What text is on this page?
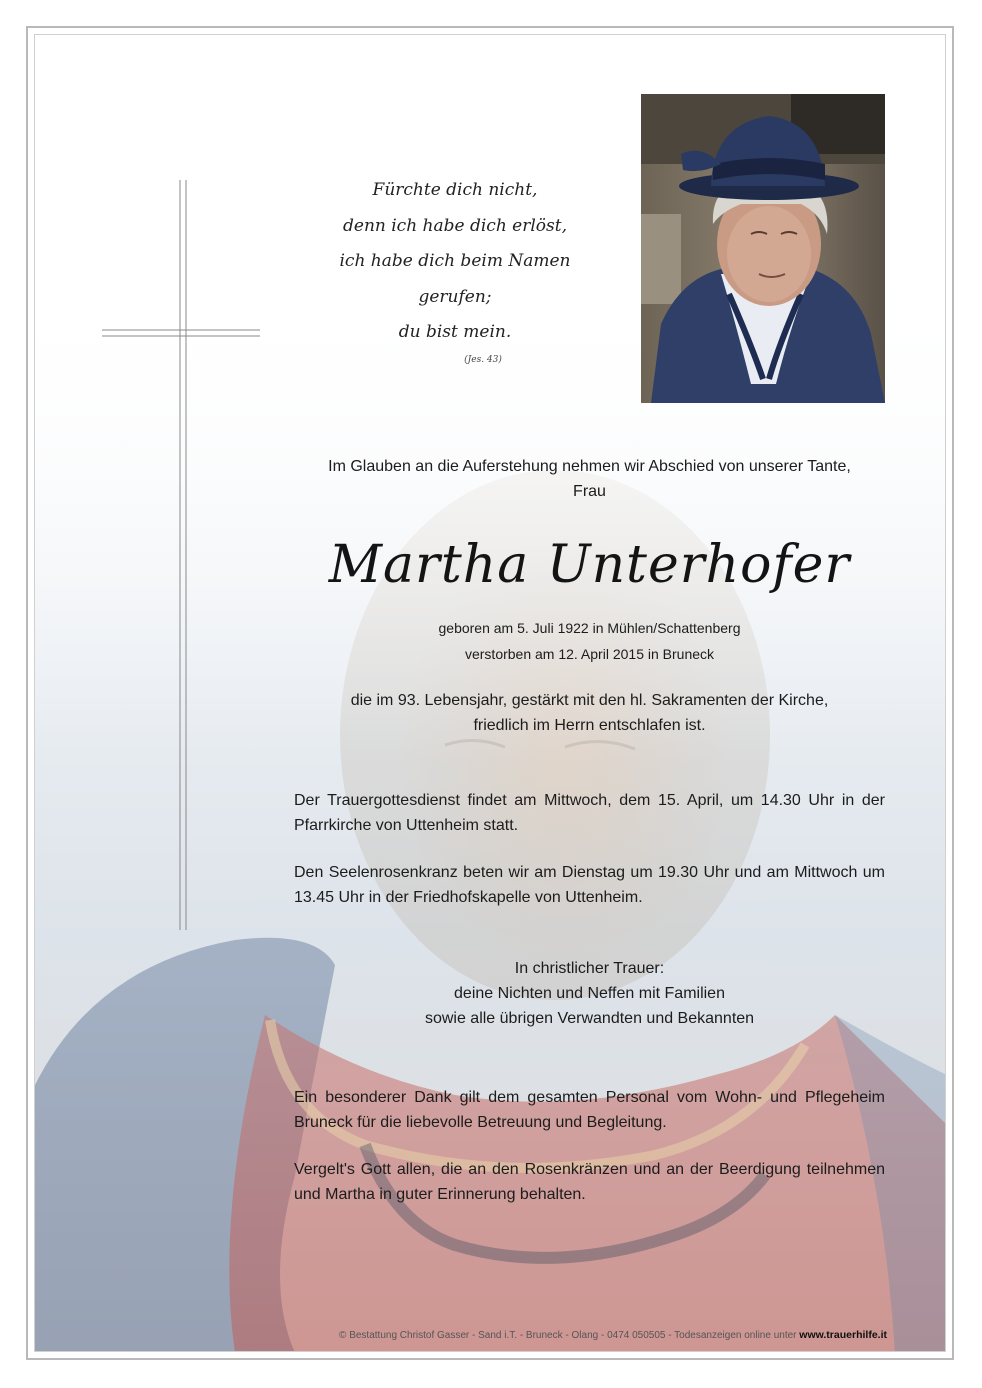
Fürchte dich nicht,
denn ich habe dich erlöst,
ich habe dich beim Namen gerufen;
du bist mein.
(Jes. 43)
Im Glauben an die Auferstehung nehmen wir Abschied von unserer Tante,
Frau
Martha Unterhofer
geboren am 5. Juli 1922 in Mühlen/Schattenberg
verstorben am 12. April 2015 in Bruneck
die im 93. Lebensjahr, gestärkt mit den hl. Sakramenten der Kirche,
friedlich im Herrn entschlafen ist.
Der Trauergottesdienst findet am Mittwoch, dem 15. April, um 14.30 Uhr in der Pfarrkirche von Uttenheim statt.
Den Seelenrosenkranz beten wir am Dienstag um 19.30 Uhr und am Mittwoch um 13.45 Uhr in der Friedhofskapelle von Uttenheim.
In christlicher Trauer:
deine Nichten und Neffen mit Familien
sowie alle übrigen Verwandten und Bekannten
Ein besonderer Dank gilt dem gesamten Personal vom Wohn- und Pflegeheim Bruneck für die liebevolle Betreuung und Begleitung.
Vergelt's Gott allen, die an den Rosenkränzen und an der Beerdigung teilnehmen und Martha in guter Erinnerung behalten.
© Bestattung Christof Gasser - Sand i.T. - Bruneck - Olang - 0474 050505 - Todesanzeigen online unter www.trauerhilfe.it
